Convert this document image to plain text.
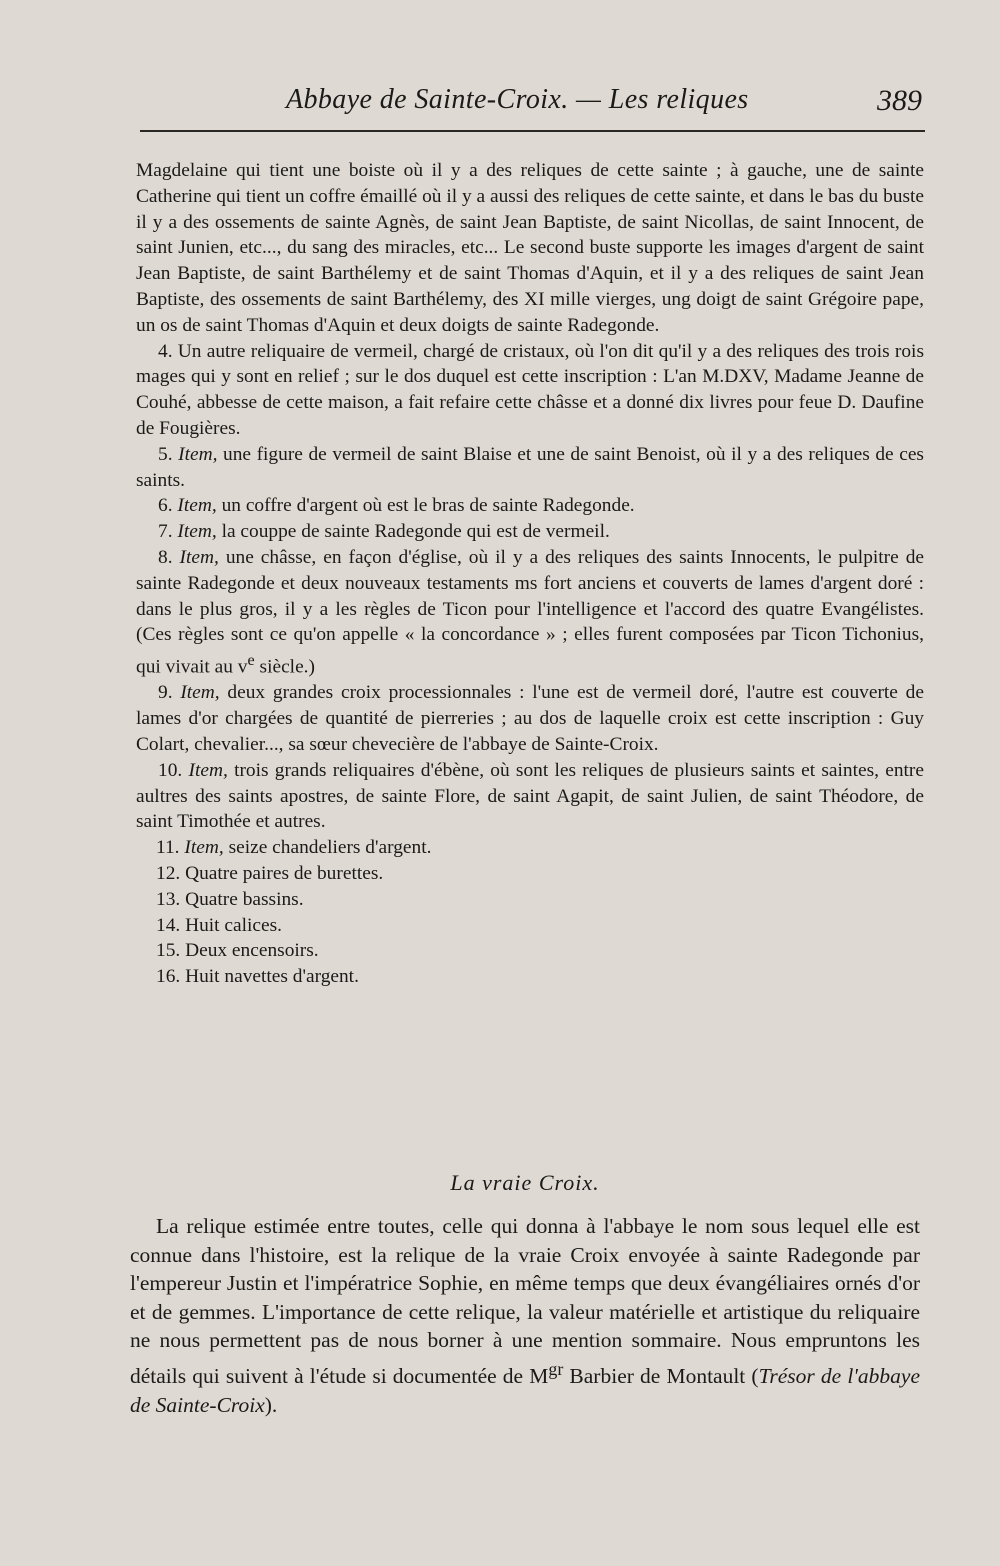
Abbaye de Sainte-Croix. — Les reliques	389

Magdelaine qui tient une boiste où il y a des reliques de cette sainte ; à gauche, une de sainte Catherine qui tient un coffre émaillé où il y a aussi des reliques de cette sainte, et dans le bas du buste il y a des ossements de sainte Agnès, de saint Jean Baptiste, de saint Nicollas, de saint Innocent, de saint Junien, etc..., du sang des miracles, etc... Le second buste supporte les images d'argent de saint Jean Baptiste, de saint Barthélemy et de saint Thomas d'Aquin, et il y a des reliques de saint Jean Baptiste, des ossements de saint Barthélemy, des XI mille vierges, ung doigt de saint Grégoire pape, un os de saint Thomas d'Aquin et deux doigts de sainte Radegonde.

4. Un autre reliquaire de vermeil, chargé de cristaux, où l'on dit qu'il y a des reliques des trois rois mages qui y sont en relief ; sur le dos duquel est cette inscription : L'an M.DXV, Madame Jeanne de Couhé, abbesse de cette maison, a fait refaire cette châsse et a donné dix livres pour feue D. Daufine de Fougières.

5. Item, une figure de vermeil de saint Blaise et une de saint Benoist, où il y a des reliques de ces saints.

6. Item, un coffre d'argent où est le bras de sainte Radegonde.

7. Item, la couppe de sainte Radegonde qui est de vermeil.

8. Item, une châsse, en façon d'église, où il y a des reliques des saints Innocents, le pulpitre de sainte Radegonde et deux nouveaux testaments ms fort anciens et couverts de lames d'argent doré : dans le plus gros, il y a les règles de Ticon pour l'intelligence et l'accord des quatre Evangélistes. (Ces règles sont ce qu'on appelle « la concordance » ; elles furent composées par Ticon Tichonius, qui vivait au $v^e$ siècle.)

9. Item, deux grandes croix processionnales : l'une est de vermeil doré, l'autre est couverte de lames d'or chargées de quantité de pierreries ; au dos de laquelle croix est cette inscription : Guy Colart, chevalier..., sa sœur chevecière de l'abbaye de Sainte-Croix.

10. Item, trois grands reliquaires d'ébène, où sont les reliques de plusieurs saints et saintes, entre aultres des saints apostres, de sainte Flore, de saint Agapit, de saint Julien, de saint Théodore, de saint Timothée et autres.

11. Item, seize chandeliers d'argent.

12. Quatre paires de burettes.

13. Quatre bassins.

14. Huit calices.

15. Deux encensoirs.

16. Huit navettes d'argent.

La vraie Croix.

La relique estimée entre toutes, celle qui donna à l'abbaye le nom sous lequel elle est connue dans l'histoire, est la relique de la vraie Croix envoyée à sainte Radegonde par l'empereur Justin et l'impératrice Sophie, en même temps que deux évangéliaires ornés d'or et de gemmes. L'importance de cette relique, la valeur matérielle et artistique du reliquaire ne nous permettent pas de nous borner à une mention sommaire. Nous empruntons les détails qui suivent à l'étude si documentée de $M^{gr}$ Barbier de Montault (Trésor de l'abbaye de Sainte-Croix).
